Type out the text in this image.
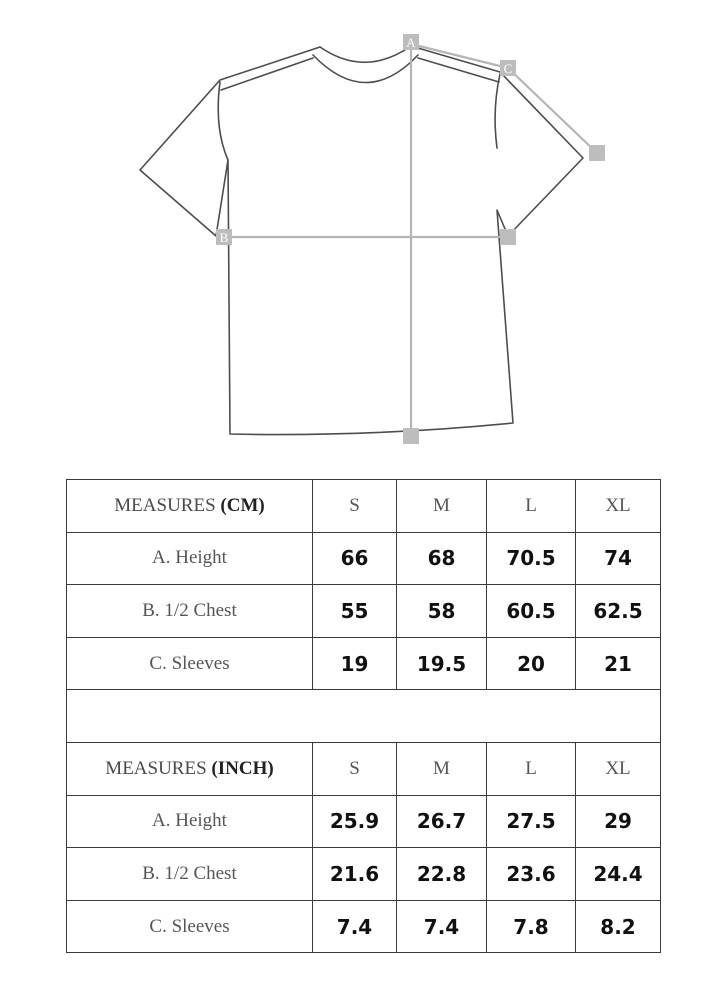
A
B
C
MEASURES (CM)	S	M	L	XL
A. Height	66	68	70.5	74
B. 1/2 Chest	55	58	60.5	62.5
C. Sleeves	19	19.5	20	21

MEASURES (INCH)	S	M	L	XL
A. Height	25.9	26.7	27.5	29
B. 1/2 Chest	21.6	22.8	23.6	24.4
C. Sleeves	7.4	7.4	7.8	8.2
